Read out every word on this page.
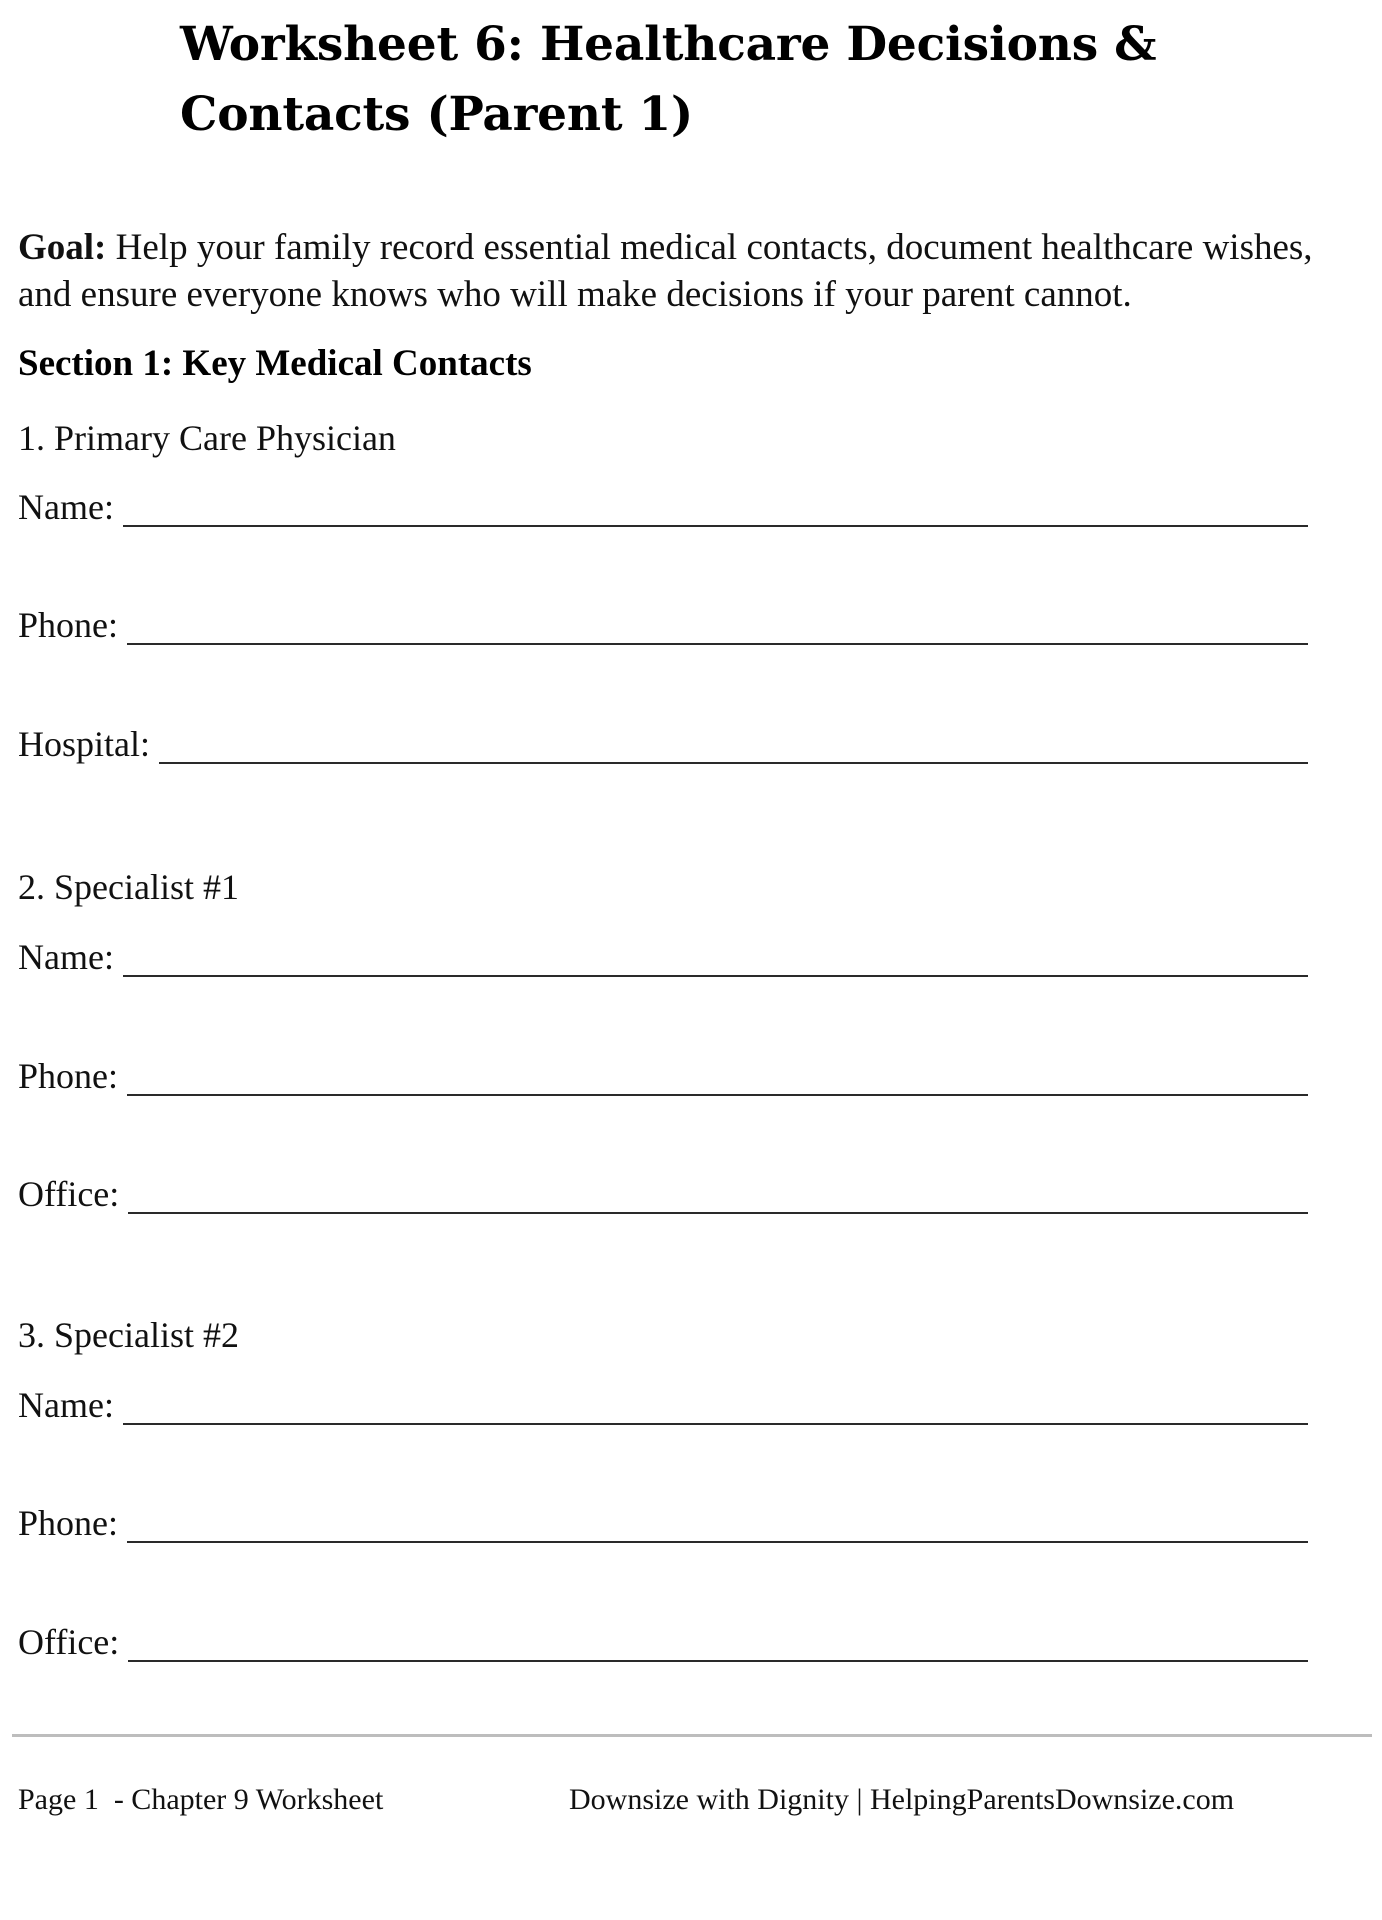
Worksheet 6: Healthcare Decisions & Contacts (Parent 1)

Goal: Help your family record essential medical contacts, document healthcare wishes, and ensure everyone knows who will make decisions if your parent cannot.

Section 1: Key Medical Contacts
1. Primary Care Physician
Name:
Phone:
Hospital:
2. Specialist #1
Name:
Phone:
Office:
3. Specialist #2
Name:
Phone:
Office:
Page 1  - Chapter 9 Worksheet	Downsize with Dignity | HelpingParentsDownsize.com
